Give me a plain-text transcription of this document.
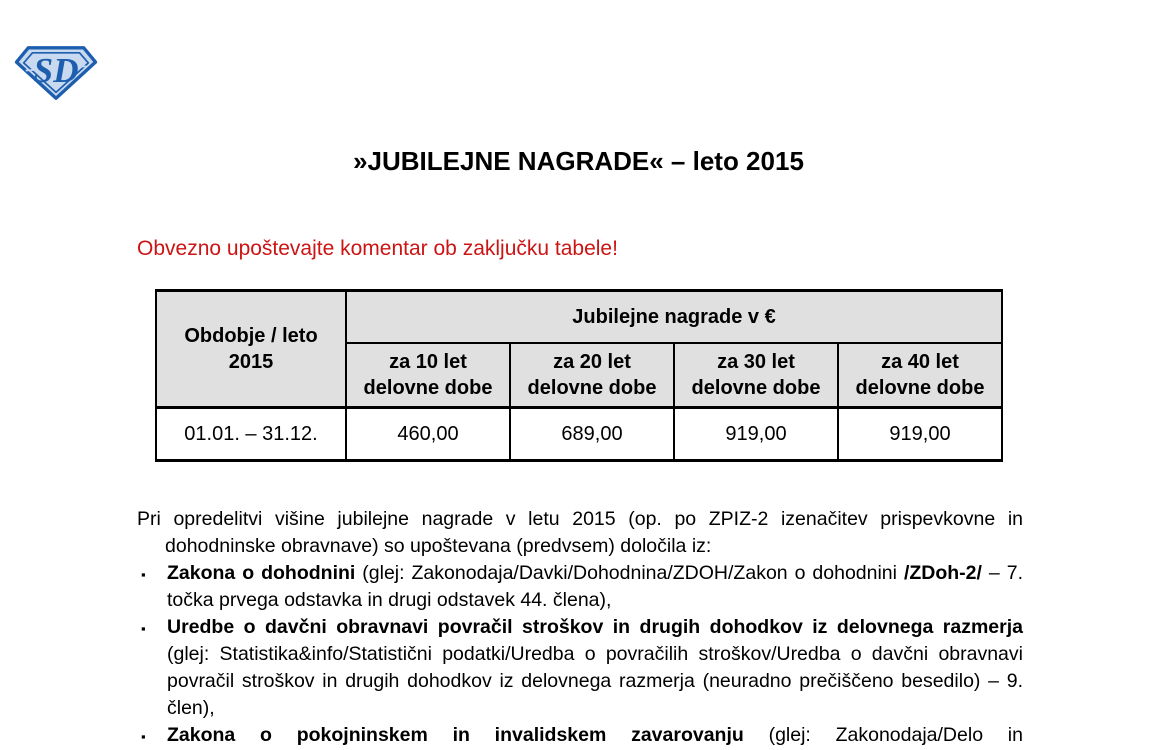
SD
»JUBILEJNE NAGRADE« – leto 2015

Obvezno upoštevajte komentar ob zaključku tabele!

Obdobje / leto 2015	Jubilejne nagrade v €			
	za 10 let delovne dobe	za 20 let delovne dobe	za 30 let delovne dobe	za 40 let delovne dobe
01.01. – 31.12.	460,00	689,00	919,00	919,00

Pri opredelitvi višine jubilejne nagrade v letu 2015 (op. po ZPIZ-2 izenačitev prispevkovne in dohodninske obravnave) so upoštevana (predvsem) določila iz:

▪ Zakona o dohodnini (glej: Zakonodaja/Davki/Dohodnina/ZDOH/Zakon o dohodnini /ZDoh-2/ – 7. točka prvega odstavka in drugi odstavek 44. člena),
▪ Uredbe o davčni obravnavi povračil stroškov in drugih dohodkov iz delovnega razmerja (glej: Statistika&info/Statistični podatki/Uredba o povračilih stroškov/Uredba o davčni obravnavi povračil stroškov in drugih dohodkov iz delovnega razmerja (neuradno prečiščeno besedilo) – 9. člen),
▪ Zakona o pokojninskem in invalidskem zavarovanju (glej: Zakonodaja/Delo in
